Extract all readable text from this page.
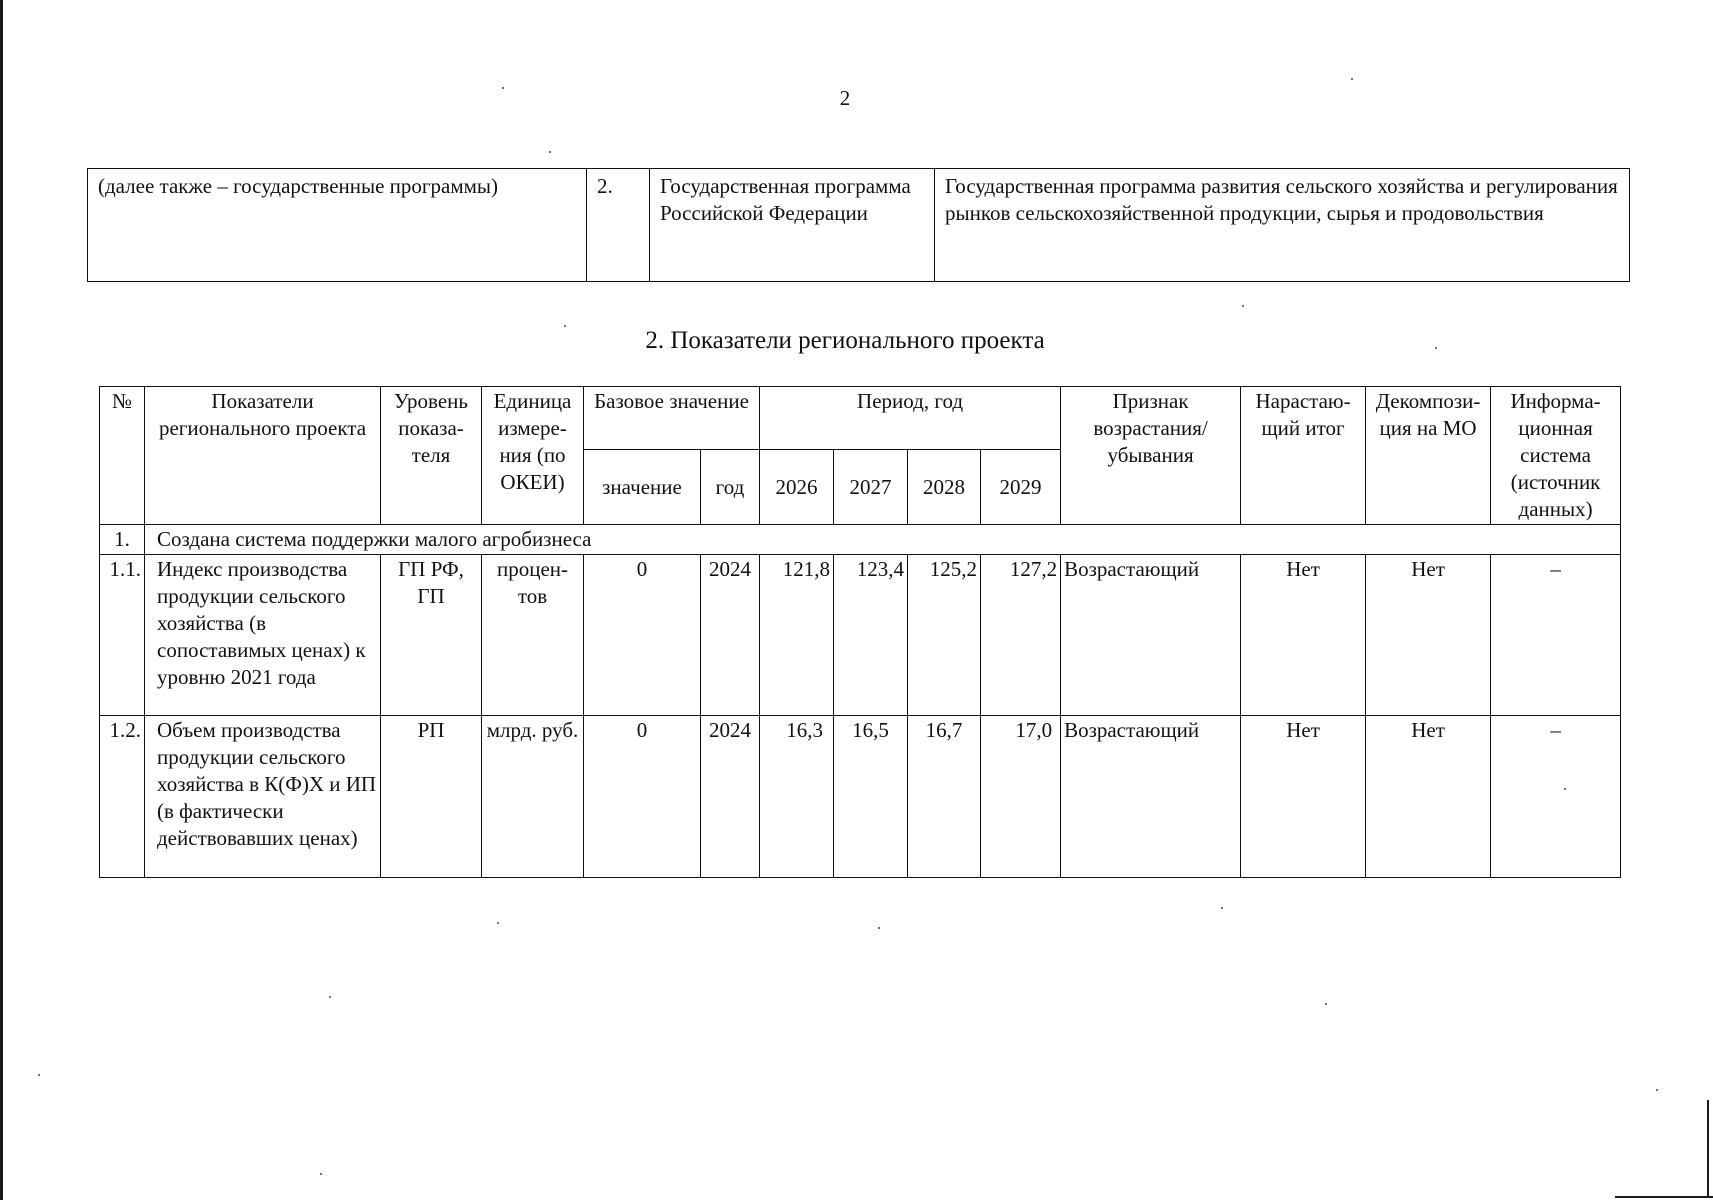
2
(далее также – государственные программы)	2.	Государственная программа Российской Федерации	Государственная программа развития сельского хозяйства и регулирования рынков сельскохозяйственной продукции, сырья и продовольствия
2. Показатели регионального проекта
№	Показатели регионального проекта	Уровень показа-теля	Единица измере-ния (по ОКЕИ)	Базовое значение		Период, год				Признак возрастания/ убывания	Нарастаю-щий итог	Декомпози-ция на МО	Информа-ционная система (источник данных)
				значение	год	2026	2027	2028	2029				
1.	Создана система поддержки малого агробизнеса												
1.1.	Индекс производства продукции сельского хозяйства (в сопоставимых ценах) к уровню 2021 года	ГП РФ, ГП	процен-тов	0	2024	121,8	123,4	125,2	127,2	Возрастающий	Нет	Нет	–
1.2.	Объем производства продукции сельского хозяйства в К(Ф)Х и ИП (в фактически действовавших ценах)	РП	млрд. руб.	0	2024	16,3	16,5	16,7	17,0	Возрастающий	Нет	Нет	–
